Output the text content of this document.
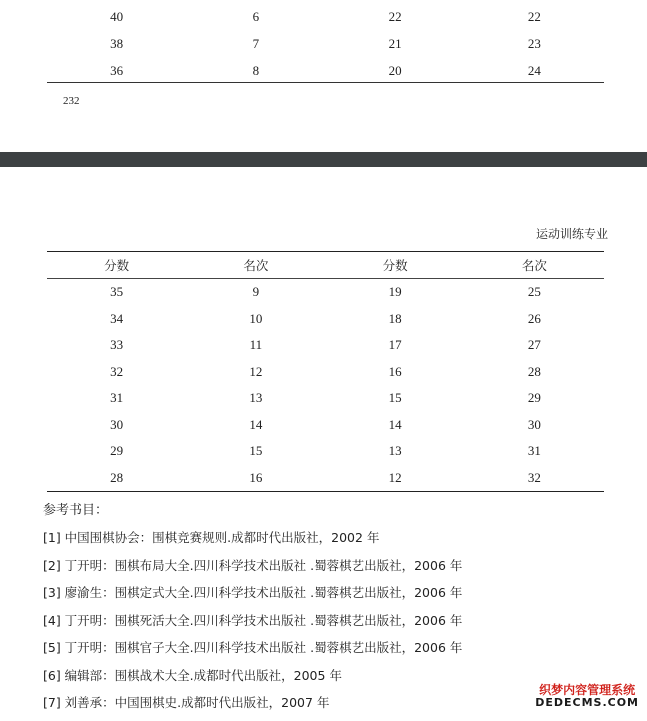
40	6	22	22
38	7	21	23
36	8	20	24
232
运动训练专业
分数	名次	分数	名次
35	9	19	25
34	10	18	26
33	11	17	27
32	12	16	28
31	13	15	29
30	14	14	30
29	15	13	31
28	16	12	32
参考书目：
[1] 中国围棋协会：围棋竞赛规则.成都时代出版社，2002 年
[2] 丁开明：围棋布局大全.四川科学技术出版社 .蜀蓉棋艺出版社，2006 年
[3] 廖渝生：围棋定式大全.四川科学技术出版社 .蜀蓉棋艺出版社，2006 年
[4] 丁开明：围棋死活大全.四川科学技术出版社 .蜀蓉棋艺出版社，2006 年
[5] 丁开明：围棋官子大全.四川科学技术出版社 .蜀蓉棋艺出版社，2006 年
[6] 编辑部：围棋战术大全.成都时代出版社，2005 年
[7] 刘善承：中国围棋史.成都时代出版社，2007 年
织梦内容管理系统
DEDECMS.COM
